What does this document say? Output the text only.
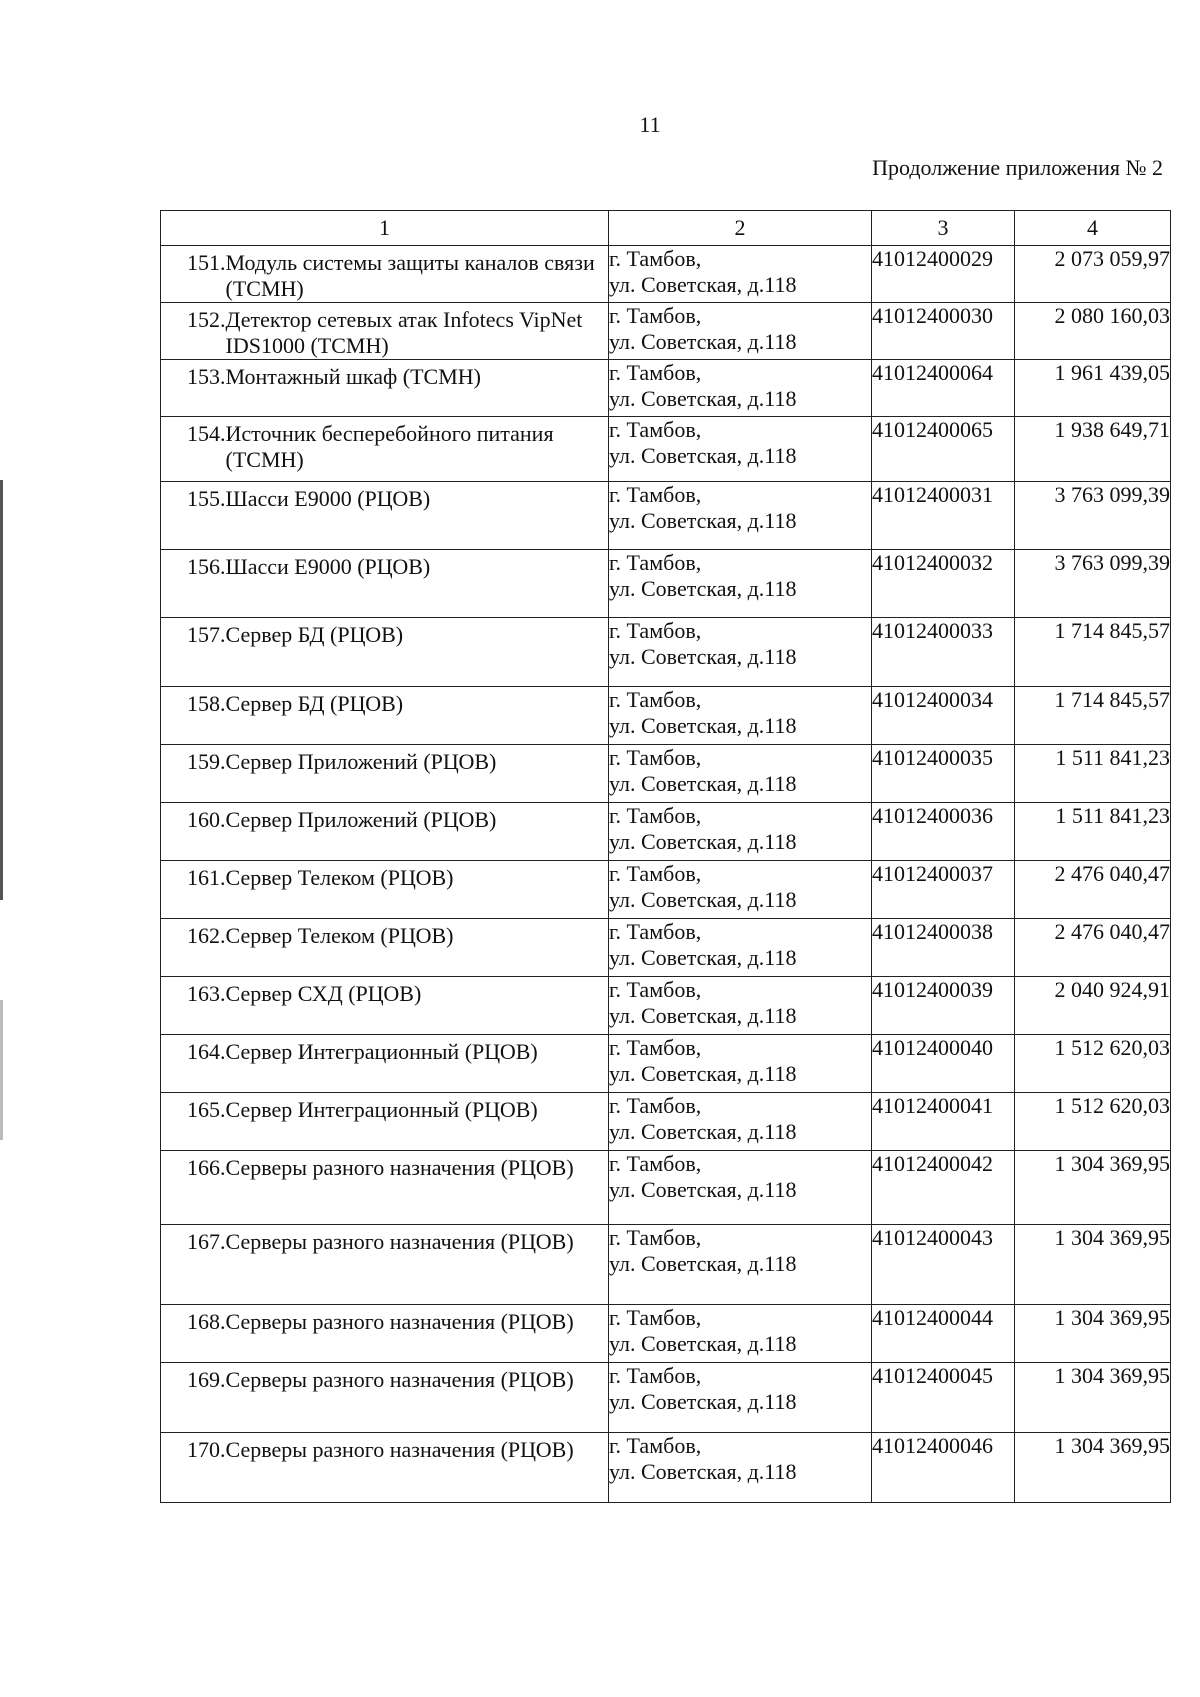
11
Продолжение приложения № 2
1	2	3	4

151. Модуль системы защиты каналов связи (ТСМН)	г. Тамбов,
ул. Советская, д.118	41012400029	2 073 059,97

152. Детектор сетевых атак Infotecs VipNet IDS1000 (ТСМН)	г. Тамбов,
ул. Советская, д.118	41012400030	2 080 160,03

153. Монтажный шкаф (ТСМН)	г. Тамбов,
ул. Советская, д.118	41012400064	1 961 439,05

154. Источник бесперебойного питания (ТСМН)	г. Тамбов,
ул. Советская, д.118	41012400065	1 938 649,71

155. Шасси Е9000 (РЦОВ)	г. Тамбов,
ул. Советская, д.118	41012400031	3 763 099,39

156. Шасси Е9000 (РЦОВ)	г. Тамбов,
ул. Советская, д.118	41012400032	3 763 099,39

157. Сервер БД (РЦОВ)	г. Тамбов,
ул. Советская, д.118	41012400033	1 714 845,57

158. Сервер БД (РЦОВ)	г. Тамбов,
ул. Советская, д.118	41012400034	1 714 845,57

159. Сервер Приложений (РЦОВ)	г. Тамбов,
ул. Советская, д.118	41012400035	1 511 841,23

160. Сервер Приложений (РЦОВ)	г. Тамбов,
ул. Советская, д.118	41012400036	1 511 841,23

161. Сервер Телеком (РЦОВ)	г. Тамбов,
ул. Советская, д.118	41012400037	2 476 040,47

162. Сервер Телеком (РЦОВ)	г. Тамбов,
ул. Советская, д.118	41012400038	2 476 040,47

163. Сервер СХД (РЦОВ)	г. Тамбов,
ул. Советская, д.118	41012400039	2 040 924,91

164. Сервер Интеграционный (РЦОВ)	г. Тамбов,
ул. Советская, д.118	41012400040	1 512 620,03

165. Сервер Интеграционный (РЦОВ)	г. Тамбов,
ул. Советская, д.118	41012400041	1 512 620,03

166. Серверы разного назначения (РЦОВ)	г. Тамбов,
ул. Советская, д.118	41012400042	1 304 369,95

167. Серверы разного назначения (РЦОВ)	г. Тамбов,
ул. Советская, д.118	41012400043	1 304 369,95

168. Серверы разного назначения (РЦОВ)	г. Тамбов,
ул. Советская, д.118	41012400044	1 304 369,95

169. Серверы разного назначения (РЦОВ)	г. Тамбов,
ул. Советская, д.118	41012400045	1 304 369,95

170. Серверы разного назначения (РЦОВ)	г. Тамбов,
ул. Советская, д.118	41012400046	1 304 369,95
